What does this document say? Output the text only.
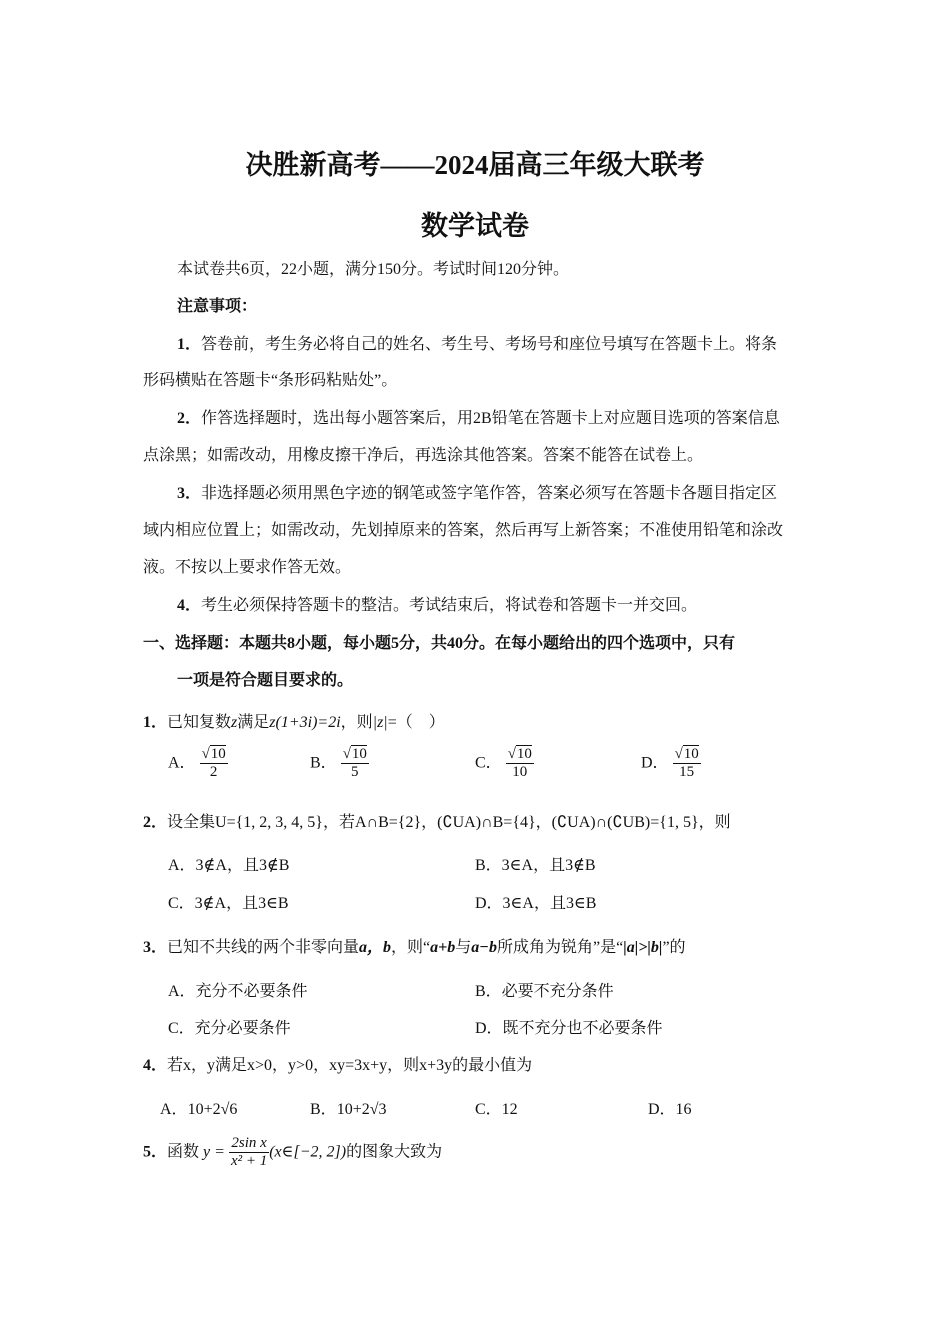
决胜新高考——2024届高三年级大联考
数学试卷
本试卷共6页，22小题，满分150分。考试时间120分钟。
注意事项：
1．答卷前，考生务必将自己的姓名、考生号、考场号和座位号填写在答题卡上。将条
形码横贴在答题卡“条形码粘贴处”。
2．作答选择题时，选出每小题答案后，用2B铅笔在答题卡上对应题目选项的答案信息
点涂黑；如需改动，用橡皮擦干净后，再选涂其他答案。答案不能答在试卷上。
3．非选择题必须用黑色字迹的钢笔或签字笔作答，答案必须写在答题卡各题目指定区
域内相应位置上；如需改动，先划掉原来的答案，然后再写上新答案；不准使用铅笔和涂改
液。不按以上要求作答无效。
4．考生必须保持答题卡的整洁。考试结束后，将试卷和答题卡一并交回。
一、选择题：本题共8小题，每小题5分，共40分。在每小题给出的四个选项中，只有
一项是符合题目要求的。
1．已知复数z满足z(1+3i)=2i，则|z|=（　）
A． $\frac{√10}{2}$	B． $\frac{√10}{5}$	C． $\frac{√10}{10}$	D． $\frac{√10}{15}$
2．设全集U={1, 2, 3, 4, 5}，若A∩B={2}，(∁UA)∩B={4}，(∁UA)∩(∁UB)={1, 5}，则
A．3∉A，且3∉B	B．3∈A，且3∉B
C．3∉A，且3∈B	D．3∈A，且3∈B
3．已知不共线的两个非零向量a，b，则“a+b与a−b所成角为锐角”是“|a|>|b|”的
A．充分不必要条件	B．必要不充分条件
C．充分必要条件	D．既不充分也不必要条件
4．若x，y满足x>0，y>0，xy=3x+y，则x+3y的最小值为
A．10+2√6	B．10+2√3	C．12	D．16
5．函数 $y = \frac{\text{2sin x}}{\text{x² + 1}}$ (x∈[−2, 2])的图象大致为
